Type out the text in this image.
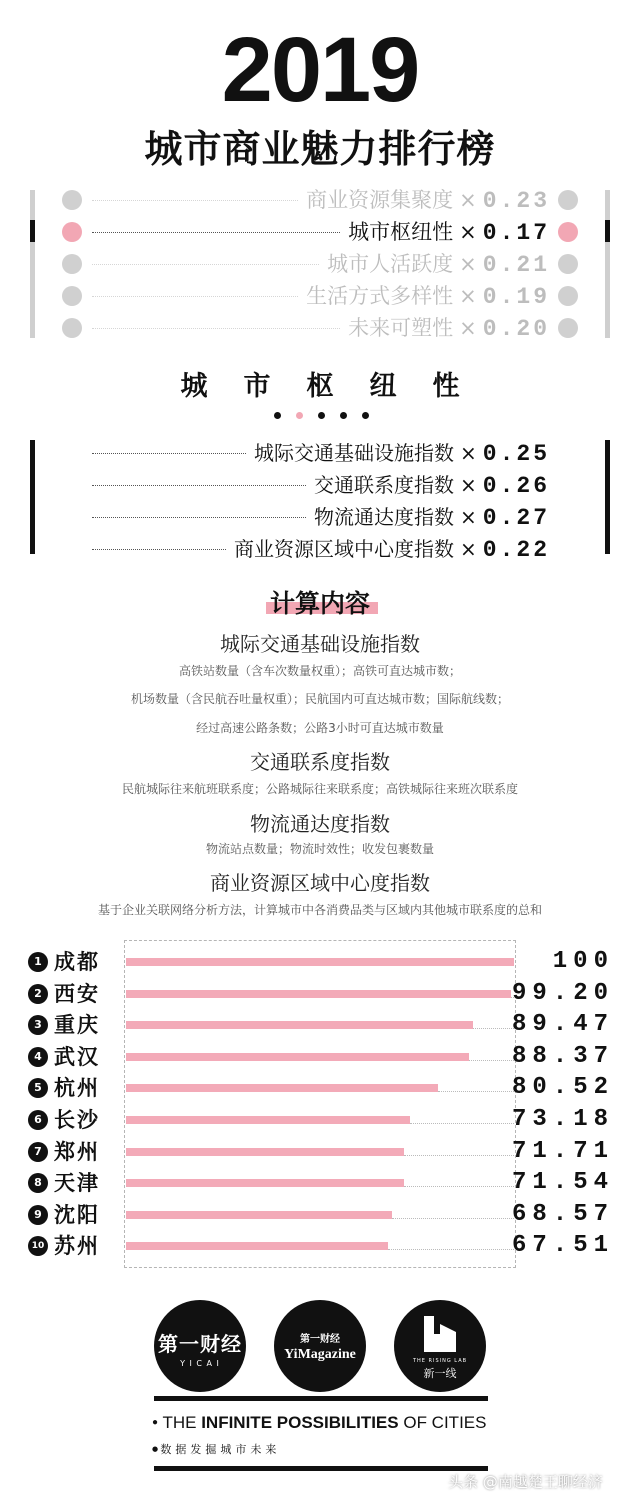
2019
城市商业魅力排行榜
商业资源集聚度 × 0.23
城市枢纽性 × 0.17
城市人活跃度 × 0.21
生活方式多样性 × 0.19
未来可塑性 × 0.20
城市枢纽性
城际交通基础设施指数 × 0.25
交通联系度指数 × 0.26
物流通达度指数 × 0.27
商业资源区域中心度指数 × 0.22
计算内容
城际交通基础设施指数
高铁站数量（含车次数量权重）；高铁可直达城市数；
机场数量（含民航吞吐量权重）；民航国内可直达城市数；国际航线数；
经过高速公路条数；公路3小时可直达城市数量
交通联系度指数
民航城际往来航班联系度；公路城际往来联系度；高铁城际往来班次联系度
物流通达度指数
物流站点数量；物流时效性；收发包裹数量
商业资源区域中心度指数
基于企业关联网络分析方法，计算城市中各消费品类与区域内其他城市联系度的总和
1 成都	100
2 西安	99.20
3 重庆	89.47
4 武汉	88.37
5 杭州	80.52
6 长沙	73.18
7 郑州	71.71
8 天津	71.54
9 沈阳	68.57
10 苏州	67.51
第一财经
Y I C A I
第一财经
YiMagazine	THE RISING LAB
新一线
● THE INFINITE POSSIBILITIES OF CITIES
● 数据发掘城市未来
头条 @南越楚王聊经济
